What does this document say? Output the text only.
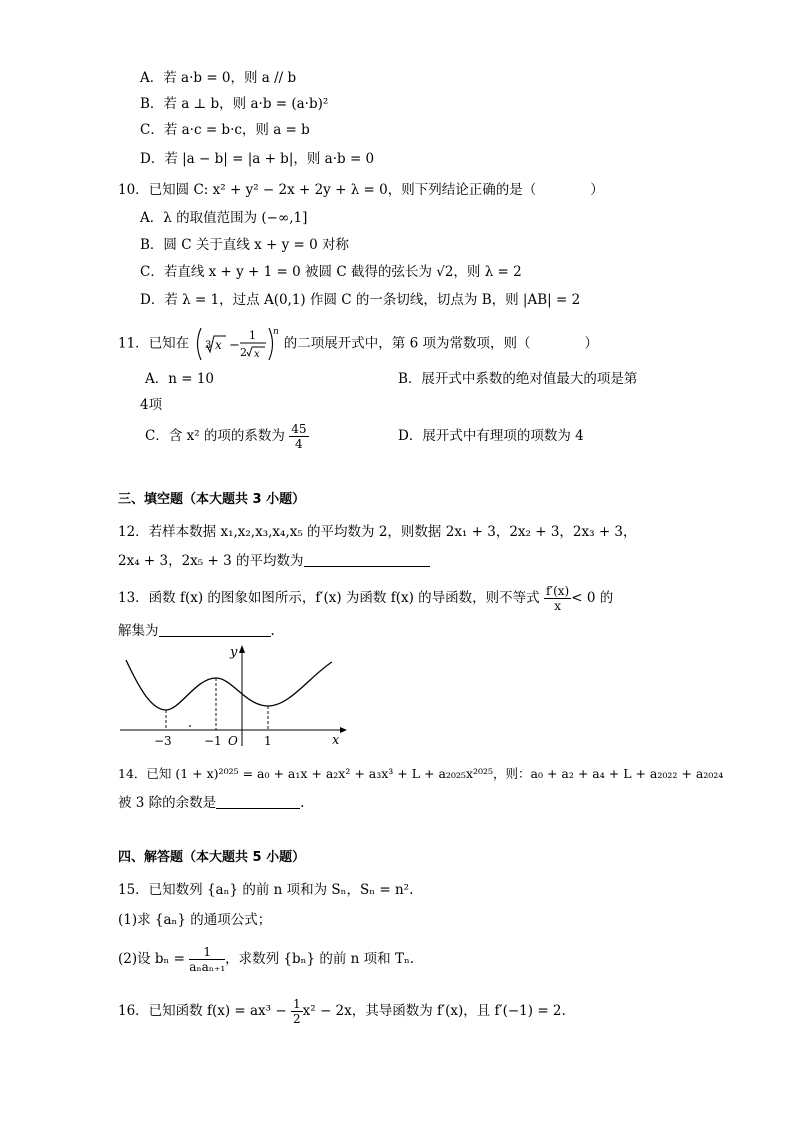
A．若 a·b = 0，则 a // b
B．若 a ⊥ b，则 a·b = (a·b)²
C．若 a·c = b·c，则 a = b
D．若 |a − b| = |a + b|，则 a·b = 0
10．已知圆 C: x² + y² − 2x + 2y + λ = 0，则下列结论正确的是（　　　　）
A．λ 的取值范围为 (−∞,1]
B．圆 C 关于直线 x + y = 0 对称
C．若直线 x + y + 1 = 0 被圆 C 截得的弦长为 √2，则 λ = 2
D．若 λ = 1，过点 A(0,1) 作圆 C 的一条切线，切点为 B，则 |AB| = 2
11．已知在 3 x −
1
2 x
n
的二项展开式中，第 6 项为常数项，则（　　　　）
A．n = 10	B．展开式中系数的绝对值最大的项是第
4项
C．含 x² 的项的系数为 $\frac{45}{4}$	D．展开式中有理项的项数为 4
三、填空题（本大题共 3 小题）
12．若样本数据 x₁,x₂,x₃,x₄,x₅ 的平均数为 2，则数据 2x₁ + 3，2x₂ + 3，2x₃ + 3，
2x₄ + 3，2x₅ + 3 的平均数为
13．函数 f(x) 的图象如图所示，f′(x) 为函数 f(x) 的导函数，则不等式 $\frac{f'(x)}{x} < 0$ 的
解集为	.
y
x
O
−3	−1	1
14．已知 (1 + x)²⁰²⁵ = a₀ + a₁x + a₂x² + a₃x³ + L + a₂₀₂₅x²⁰²⁵，则：a₀ + a₂ + a₄ + L + a₂₀₂₂ + a₂₀₂₄
被 3 除的余数是	.
四、解答题（本大题共 5 小题）
15．已知数列 {aₙ} 的前 n 项和为 Sₙ，Sₙ = n².
(1)求 {aₙ} 的通项公式；
(2)设 $b_n = \frac{1}{\text{aₙaₙ₊₁}}$ ，求数列 {bₙ} 的前 n 项和 Tₙ.
16．已知函数 $f(x) = ax^3 - \frac{1}{2} x^2 - 2x$，其导函数为 f′(x)，且 f′(−1) = 2.
